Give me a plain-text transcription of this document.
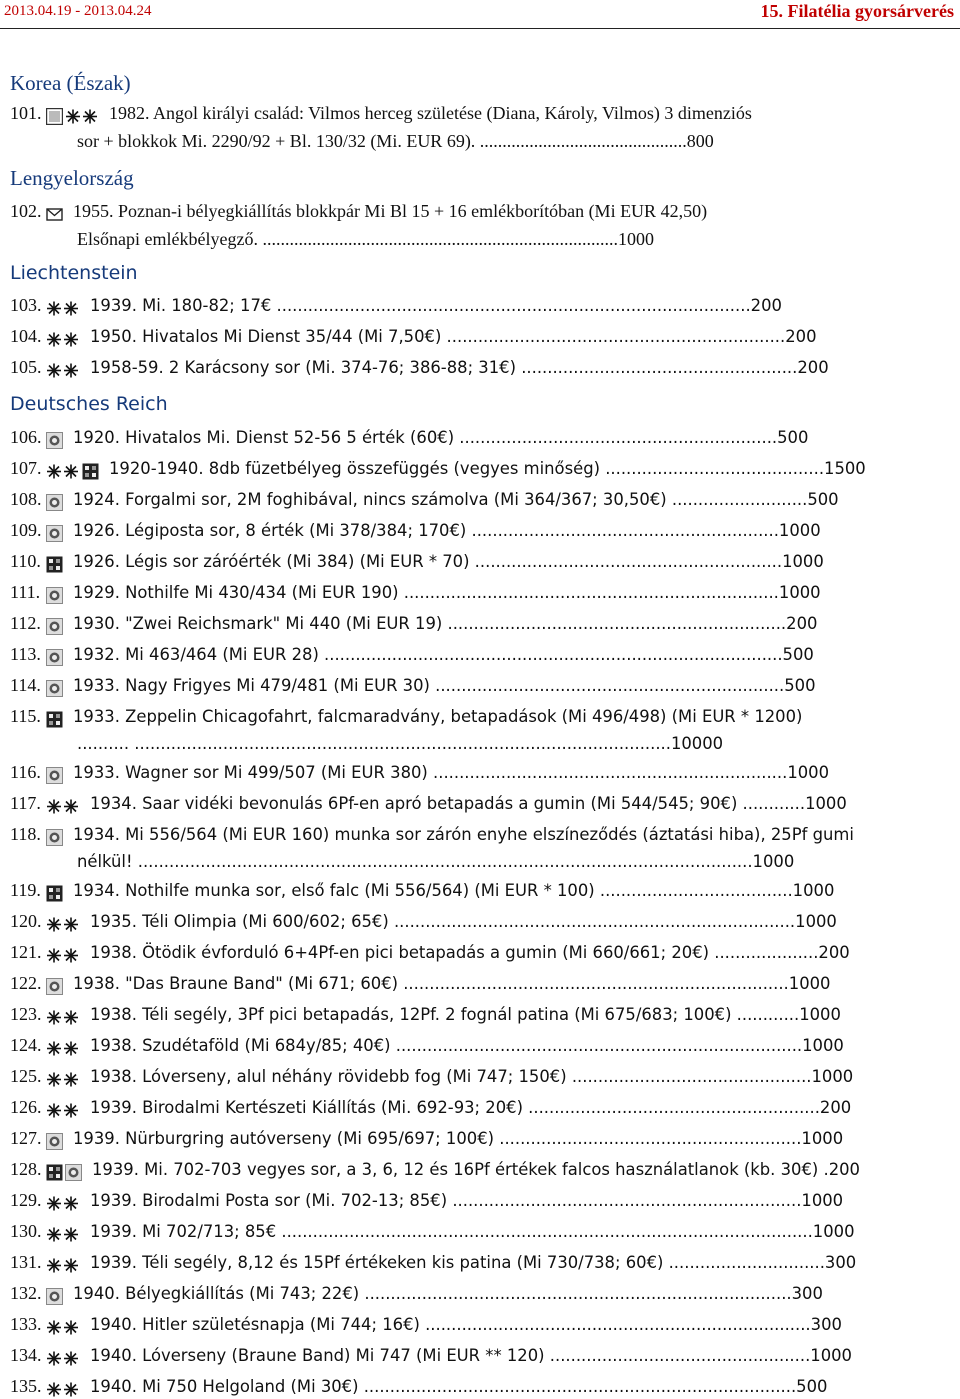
2013.04.19 - 2013.04.24	15. Filatélia gyorsárverés
Korea (Észak)
101.	1982. Angol királyi család: Vilmos herceg születése (Diana, Károly, Vilmos) 3 dimenziós
sor + blokkok Mi. 2290/92 + Bl. 130/32 (Mi. EUR 69). ..............................................800
Lengyelország
102. 1955. Poznan-i bélyegkiállítás blokkpár Mi Bl 15 + 16 emlékborítóban (Mi EUR 42,50)
Elsőnapi emlékbélyegző. ...............................................................................1000
Liechtenstein
103.	1939. Mi. 180-82; 17€ ...........................................................................................200
104.	1950. Hivatalos Mi Dienst 35/44 (Mi 7,50€) .................................................................200
105.	1958-59. 2 Karácsony sor (Mi. 374-76; 386-88; 31€) .....................................................200
Deutsches Reich
106. 1920. Hivatalos Mi. Dienst 52-56 5 érték (60€) .............................................................500
107.	1920-1940. 8db füzetbélyeg összefüggés (vegyes minőség) ..........................................1500
108. 1924. Forgalmi sor, 2M foghibával, nincs számolva (Mi 364/367; 30,50€) ..........................500
109. 1926. Légiposta sor, 8 érték (Mi 378/384; 170€) ...........................................................1000
110. 1926. Légis sor záróérték (Mi 384) (Mi EUR * 70) ...........................................................1000
111. 1929. Nothilfe Mi 430/434 (Mi EUR 190) ........................................................................1000
112. 1930. "Zwei Reichsmark" Mi 440 (Mi EUR 19) .................................................................200
113. 1932. Mi 463/464 (Mi EUR 28) ........................................................................................500
114. 1933. Nagy Frigyes Mi 479/481 (Mi EUR 30) ...................................................................500
115. 1933. Zeppelin Chicagofahrt, falcmaradvány, betapadások (Mi 496/498) (Mi EUR * 1200)
.......... .......................................................................................................10000
116. 1933. Wagner sor Mi 499/507 (Mi EUR 380) ....................................................................1000
117.	1934. Saar vidéki bevonulás 6Pf-en apró betapadás a gumin (Mi 544/545; 90€) ............1000
118. 1934. Mi 556/564 (Mi EUR 160) munka sor zárón enyhe elszíneződés (áztatási hiba), 25Pf gumi
nélkül! ......................................................................................................................1000
119. 1934. Nothilfe munka sor, első falc (Mi 556/564) (Mi EUR * 100) .....................................1000
120.	1935. Téli Olimpia (Mi 600/602; 65€) .............................................................................1000
121.	1938. Ötödik évforduló 6+4Pf-en pici betapadás a gumin (Mi 660/661; 20€) ....................200
122. 1938. "Das Braune Band" (Mi 671; 60€) ..........................................................................1000
123.	1938. Téli segély, 3Pf pici betapadás, 12Pf. 2 fognál patina (Mi 675/683; 100€) ............1000
124.	1938. Szudétaföld (Mi 684y/85; 40€) ..............................................................................1000
125.	1938. Lóverseny, alul néhány rövidebb fog (Mi 747; 150€) ..............................................1000
126.	1939. Birodalmi Kertészeti Kiállítás (Mi. 692-93; 20€) ........................................................200
127. 1939. Nürburgring autóverseny (Mi 695/697; 100€) ..........................................................1000
128.	1939. Mi. 702-703 vegyes sor, a 3, 6, 12 és 16Pf értékek falcos használatlanok (kb. 30€) .200
129.	1939. Birodalmi Posta sor (Mi. 702-13; 85€) ...................................................................1000
130.	1939. Mi 702/713; 85€ ......................................................................................................1000
131.	1939. Téli segély, 8,12 és 15Pf értékeken kis patina (Mi 730/738; 60€) ..............................300
132. 1940. Bélyegkiállítás (Mi 743; 22€) ..................................................................................300
133.	1940. Hitler születésnapja (Mi 744; 16€) ..........................................................................300
134.	1940. Lóverseny (Braune Band) Mi 747 (Mi EUR ** 120) ..................................................1000
135.	1940. Mi 750 Helgoland (Mi 30€) ...................................................................................500
